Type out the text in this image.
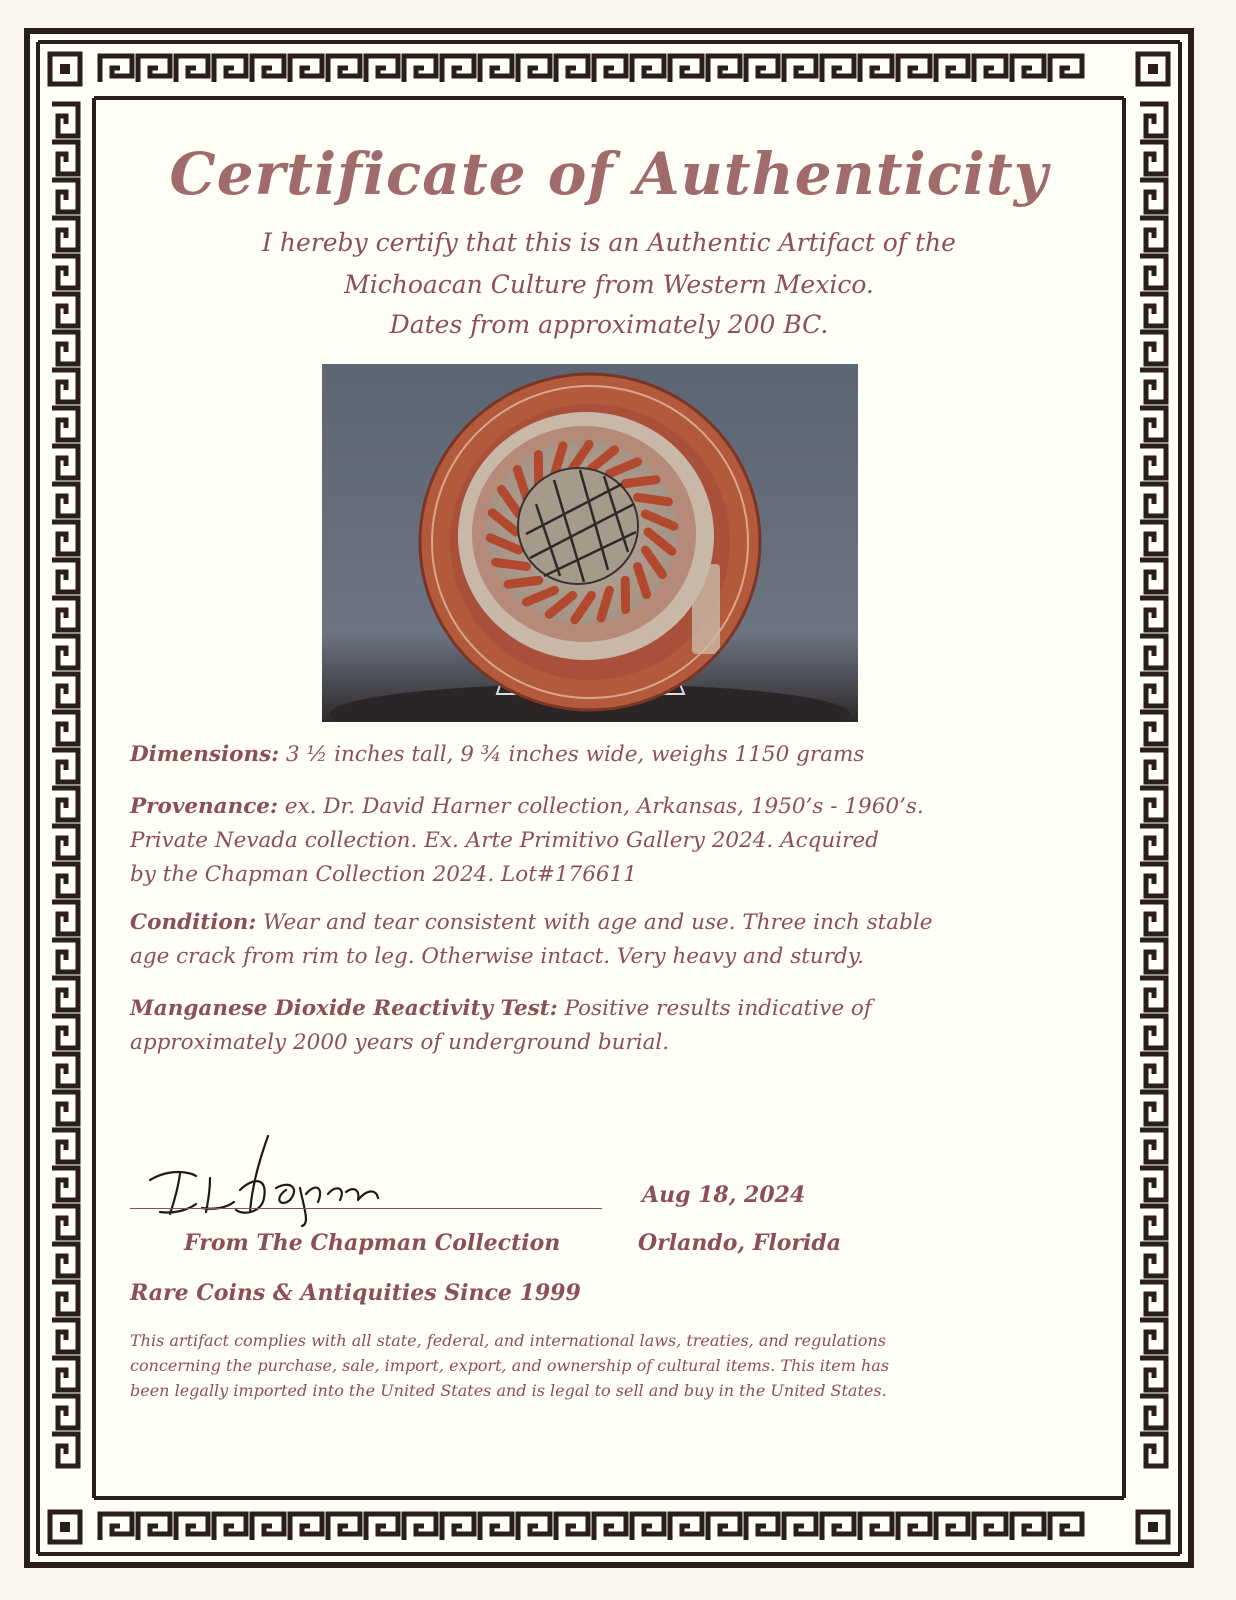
Certificate of Authenticity
I hereby certify that this is an Authentic Artifact of the
Michoacan Culture from Western Mexico.
Dates from approximately 200 BC.
Dimensions: 3 ½ inches tall, 9 ¾ inches wide, weighs 1150 grams
Provenance: ex. Dr. David Harner collection, Arkansas, 1950’s - 1960’s.
Private Nevada collection. Ex. Arte Primitivo Gallery 2024. Acquired
by the Chapman Collection 2024. Lot#176611
Condition: Wear and tear consistent with age and use. Three inch stable
age crack from rim to leg. Otherwise intact. Very heavy and sturdy.
Manganese Dioxide Reactivity Test: Positive results indicative of
approximately 2000 years of underground burial.
Aug 18, 2024
From The Chapman Collection	Orlando, Florida
Rare Coins & Antiquities Since 1999
This artifact complies with all state, federal, and international laws, treaties, and regulations
concerning the purchase, sale, import, export, and ownership of cultural items. This item has
been legally imported into the United States and is legal to sell and buy in the United States.
